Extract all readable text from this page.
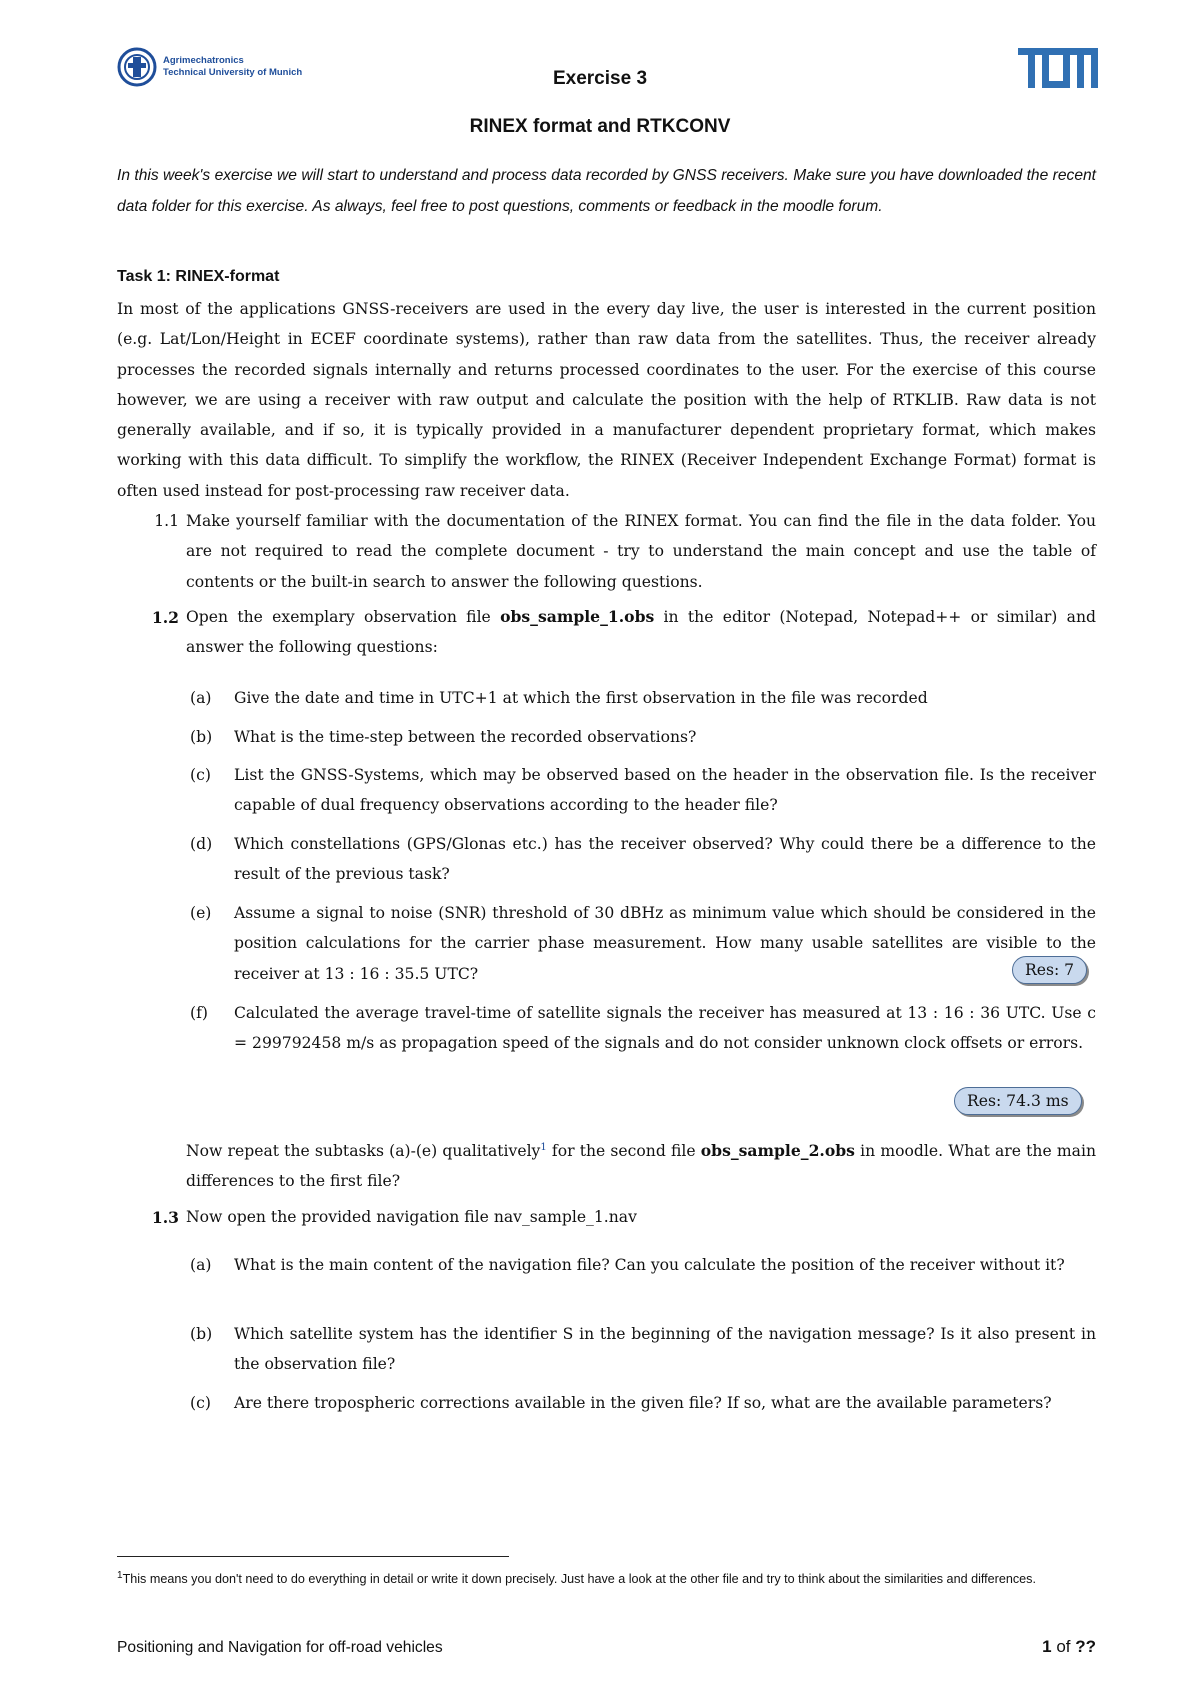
Agrimechatronics
Technical University of Munich	Exercise 3
RINEX format and RTKCONV
In this week's exercise we will start to understand and process data recorded by GNSS receivers. Make sure you have downloaded the recent data folder for this exercise. As always, feel free to post questions, comments or feedback in the moodle forum.
Task 1: RINEX-format
In most of the applications GNSS-receivers are used in the every day live, the user is interested in the current position (e.g. Lat/Lon/Height in ECEF coordinate systems), rather than raw data from the satellites. Thus, the receiver already processes the recorded signals internally and returns processed coordinates to the user. For the exercise of this course however, we are using a receiver with raw output and calculate the position with the help of RTKLIB. Raw data is not generally available, and if so, it is typically provided in a manufacturer dependent proprietary format, which makes working with this data difficult. To simplify the workflow, the RINEX (Receiver Independent Exchange Format) format is often used instead for post-processing raw receiver data.
1.1 Make yourself familiar with the documentation of the RINEX format. You can find the file in the data folder. You are not required to read the complete document - try to understand the main concept and use the table of contents or the built-in search to answer the following questions.
1.2 Open the exemplary observation file obs_sample_1.obs in the editor (Notepad, Notepad++ or similar) and answer the following questions:
(a)	Give the date and time in UTC+1 at which the first observation in the file was recorded
(b)	What is the time-step between the recorded observations?
(c)	List the GNSS-Systems, which may be observed based on the header in the observation file. Is the receiver capable of dual frequency observations according to the header file?
(d)	Which constellations (GPS/Glonas etc.) has the receiver observed? Why could there be a difference to the result of the previous task?
(e)	Assume a signal to noise (SNR) threshold of 30 dBHz as minimum value which should be considered in the position calculations for the carrier phase measurement. How many usable satellites are visible to the receiver at 13 : 16 : 35.5 UTC?	Res: 7
(f)	Calculated the average travel-time of satellite signals the receiver has measured at 13 : 16 : 36 UTC. Use c = 299792458 m/s as propagation speed of the signals and do not consider unknown clock offsets or errors.
Res: 74.3 ms
Now repeat the subtasks (a)-(e) qualitatively$^1$ for the second file obs_sample_2.obs in moodle. What are the main differences to the first file?
1.3 Now open the provided navigation file nav_sample_1.nav
(a)	What is the main content of the navigation file? Can you calculate the position of the receiver without it?
(b)	Which satellite system has the identifier S in the beginning of the navigation message? Is it also present in the observation file?
(c)	Are there tropospheric corrections available in the given file? If so, what are the available parameters?
$^1$This means you don't need to do everything in detail or write it down precisely. Just have a look at the other file and try to think about the similarities and differences.
Positioning and Navigation for off-road vehicles	1 of ??
